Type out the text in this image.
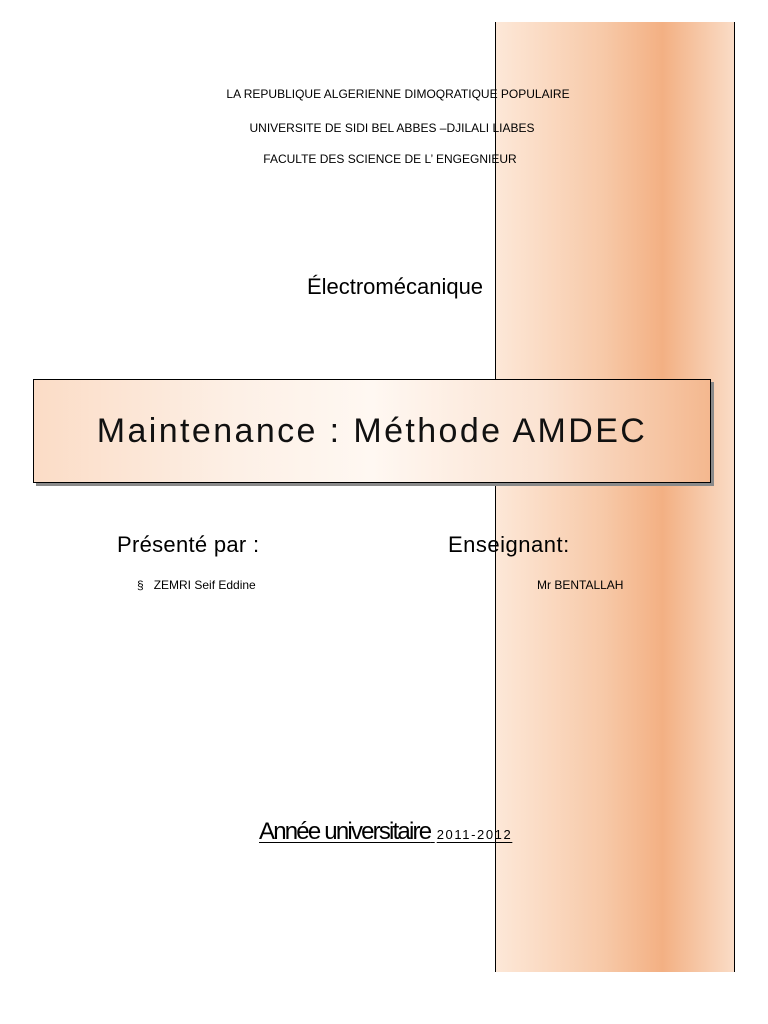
LA REPUBLIQUE ALGERIENNE DIMOQRATIQUE POPULAIRE
UNIVERSITE DE SIDI BEL ABBES –DJILALI LIABES
FACULTE DES SCIENCE DE L’ ENGEGNIEUR
Électromécanique
Maintenance : Méthode AMDEC
Présenté par :	Enseignant:
§ ZEMRI Seif Eddine	Mr BENTALLAH
Année universitaire 2011-2012
